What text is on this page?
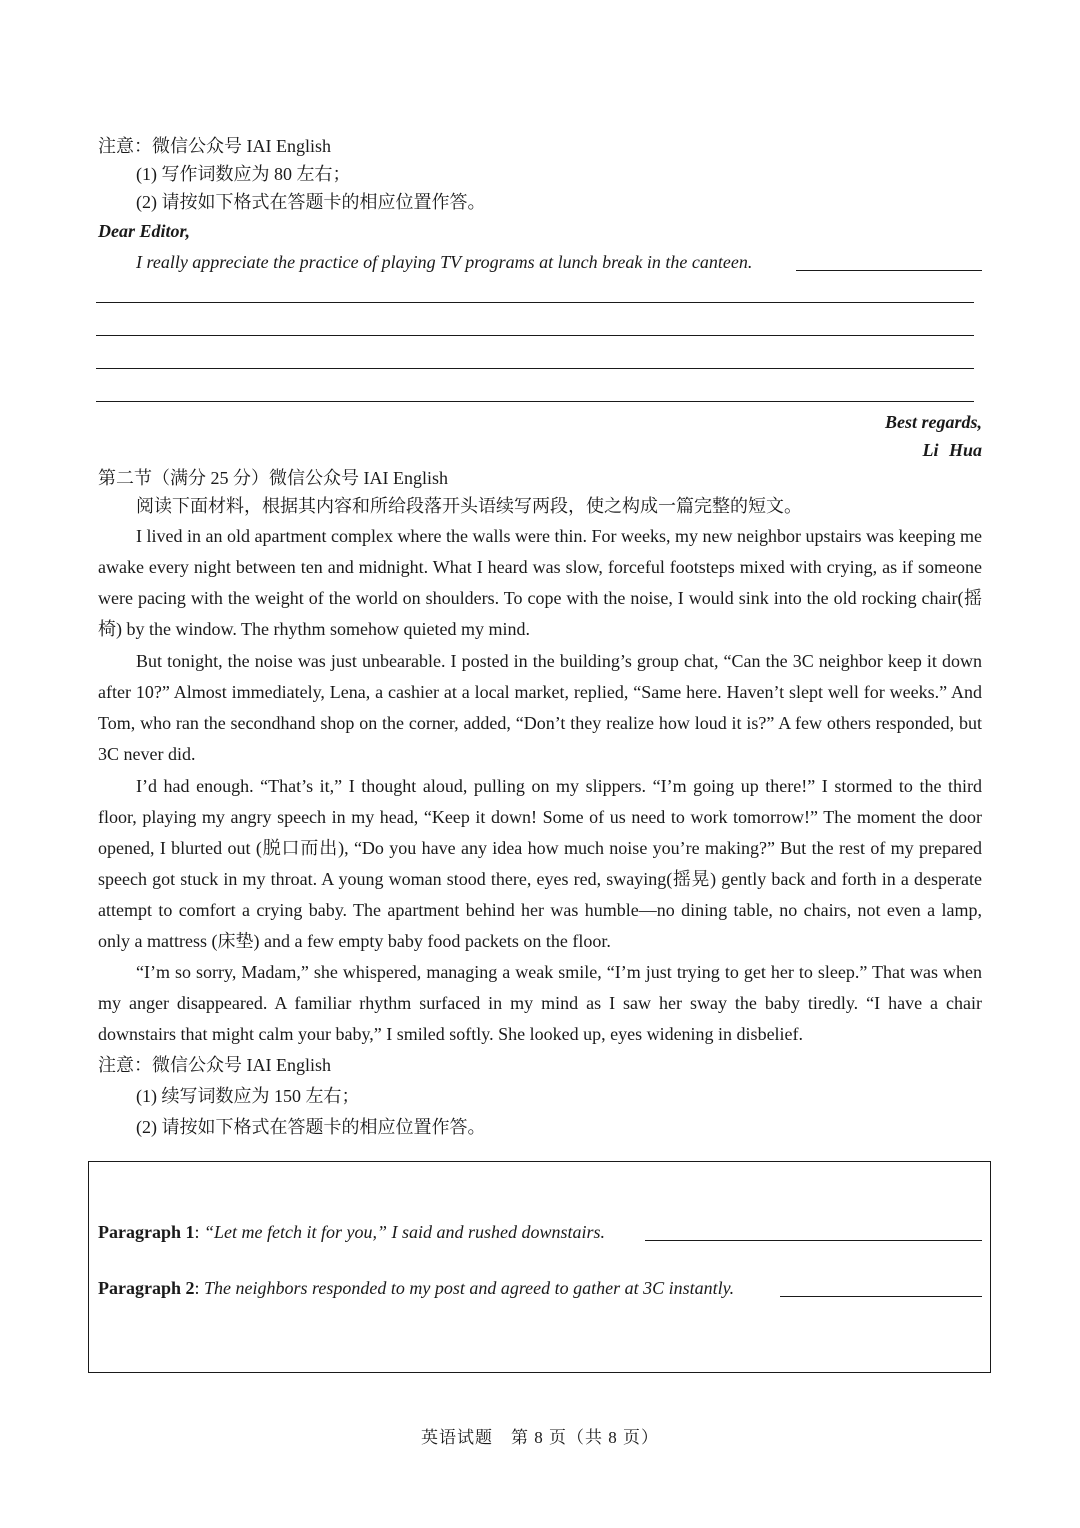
注意：微信公众号 IAI English
(1) 写作词数应为 80 左右；
(2) 请按如下格式在答题卡的相应位置作答。
Dear Editor,
I really appreciate the practice of playing TV programs at lunch break in the canteen.
Best regards,
Li Hua
第二节（满分 25 分）微信公众号 IAI English
阅读下面材料，根据其内容和所给段落开头语续写两段，使之构成一篇完整的短文。
I lived in an old apartment complex where the walls were thin. For weeks, my new neighbor upstairs was keeping me awake every night between ten and midnight. What I heard was slow, forceful footsteps mixed with crying, as if someone were pacing with the weight of the world on shoulders. To cope with the noise, I would sink into the old rocking chair(摇椅) by the window. The rhythm somehow quieted my mind.
But tonight, the noise was just unbearable. I posted in the building’s group chat, “Can the 3C neighbor keep it down after 10?” Almost immediately, Lena, a cashier at a local market, replied, “Same here. Haven’t slept well for weeks.” And Tom, who ran the secondhand shop on the corner, added, “Don’t they realize how loud it is?” A few others responded, but 3C never did.
I’d had enough. “That’s it,” I thought aloud, pulling on my slippers. “I’m going up there!” I stormed to the third floor, playing my angry speech in my head, “Keep it down! Some of us need to work tomorrow!” The moment the door opened, I blurted out (脱口而出), “Do you have any idea how much noise you’re making?” But the rest of my prepared speech got stuck in my throat. A young woman stood there, eyes red, swaying(摇晃) gently back and forth in a desperate attempt to comfort a crying baby. The apartment behind her was humble—no dining table, no chairs, not even a lamp, only a mattress (床垫) and a few empty baby food packets on the floor.
“I’m so sorry, Madam,” she whispered, managing a weak smile, “I’m just trying to get her to sleep.” That was when my anger disappeared. A familiar rhythm surfaced in my mind as I saw her sway the baby tiredly. “I have a chair downstairs that might calm your baby,” I smiled softly. She looked up, eyes widening in disbelief.
注意：微信公众号 IAI English
(1) 续写词数应为 150 左右；
(2) 请按如下格式在答题卡的相应位置作答。
Paragraph 1: “Let me fetch it for you,” I said and rushed downstairs.
Paragraph 2: The neighbors responded to my post and agreed to gather at 3C instantly.
英语试题　第 8 页（共 8 页）
